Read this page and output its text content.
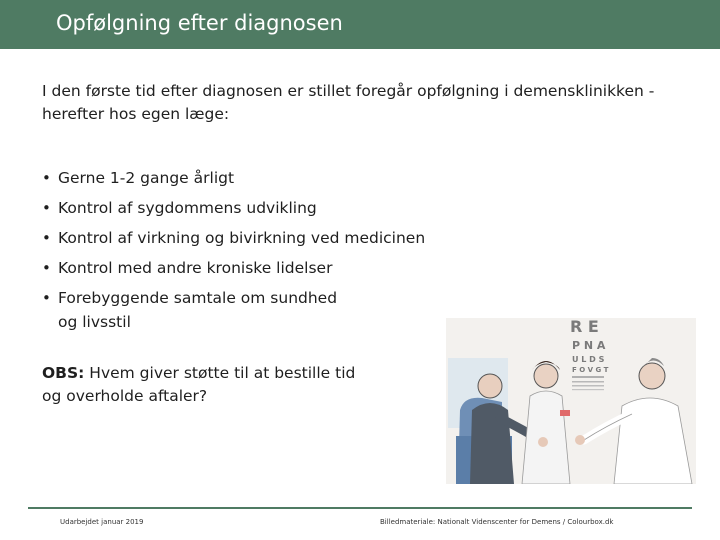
Opfølgning efter diagnosen
I den første tid efter diagnosen er stillet foregår opfølgning i demensklinikken - herefter hos egen læge:
• Gerne 1-2 gange årligt
• Kontrol af sygdommens udvikling
• Kontrol af virkning og bivirkning ved medicinen
• Kontrol med andre kroniske lidelser
• Forebyggende samtale om sundhed og livsstil
OBS: Hvem giver støtte til at bestille tid og overholde aftaler?
R E
P N A
U L D S
F O V G T
Udarbejdet januar 2019	Billedmateriale: Nationalt Videnscenter for Demens / Colourbox.dk
